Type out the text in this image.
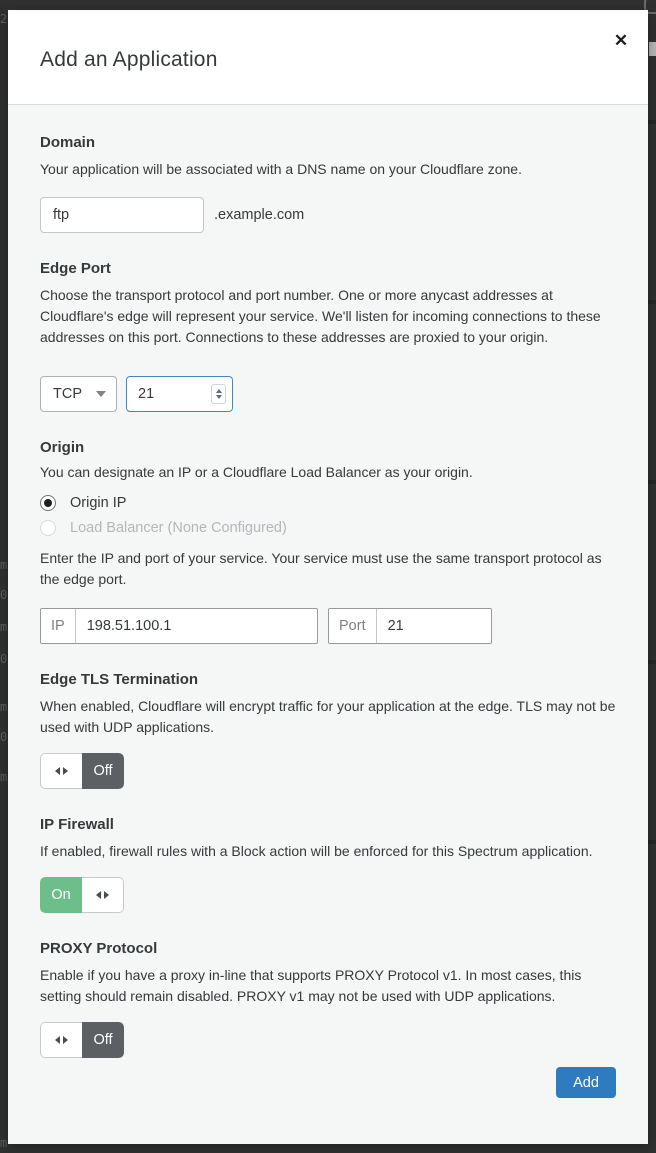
2
m
0
m
0
m
0
m
m
Add an Application
✕
Domain
Your application will be associated with a DNS name on your Cloudflare zone.
ftp
.example.com
Edge Port
Choose the transport protocol and port number. One or more anycast addresses at Cloudflare's edge will represent your service. We'll listen for incoming connections to these addresses on this port. Connections to these addresses are proxied to your origin.
TCP
21
Origin
You can designate an IP or a Cloudflare Load Balancer as your origin.
Origin IP
Load Balancer (None Configured)
Enter the IP and port of your service. Your service must use the same transport protocol as the edge port.
IP
198.51.100.1	Port
21
Edge TLS Termination
When enabled, Cloudflare will encrypt traffic for your application at the edge. TLS may not be used with UDP applications.
Off
IP Firewall
If enabled, firewall rules with a Block action will be enforced for this Spectrum application.
On
PROXY Protocol
Enable if you have a proxy in-line that supports PROXY Protocol v1. In most cases, this setting should remain disabled. PROXY v1 may not be used with UDP applications.
Off
Add
